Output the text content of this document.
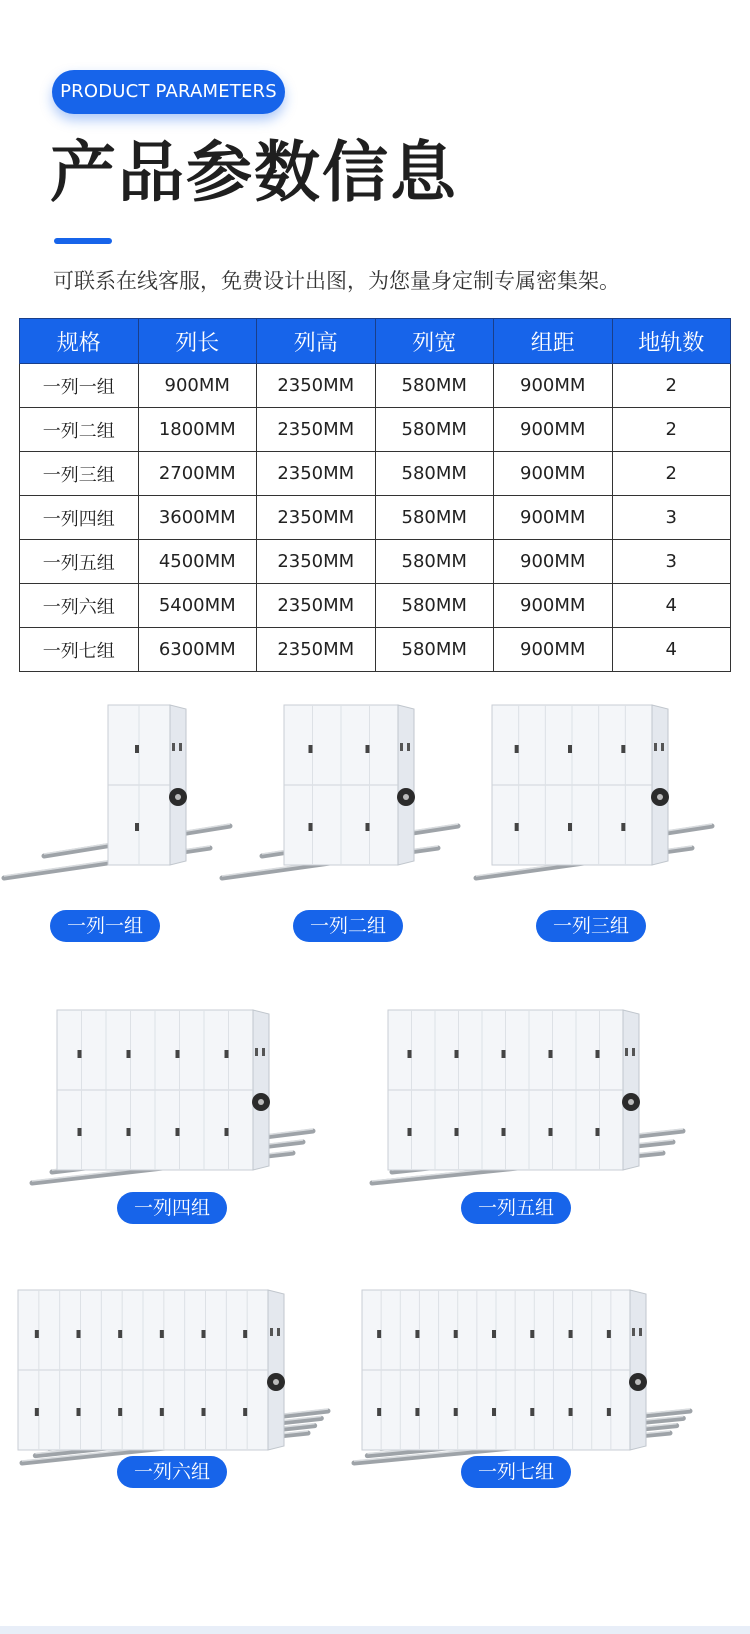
PRODUCT PARAMETERS
产品参数信息
可联系在线客服，免费设计出图，为您量身定制专属密集架。
规格	列长	列高	列宽	组距	地轨数
一列一组	900MM	2350MM	580MM	900MM	2
一列二组	1800MM	2350MM	580MM	900MM	2
一列三组	2700MM	2350MM	580MM	900MM	2
一列四组	3600MM	2350MM	580MM	900MM	3
一列五组	4500MM	2350MM	580MM	900MM	3
一列六组	5400MM	2350MM	580MM	900MM	4
一列七组	6300MM	2350MM	580MM	900MM	4
一列一组	一列二组	一列三组
一列四组	一列五组
一列六组	一列七组
